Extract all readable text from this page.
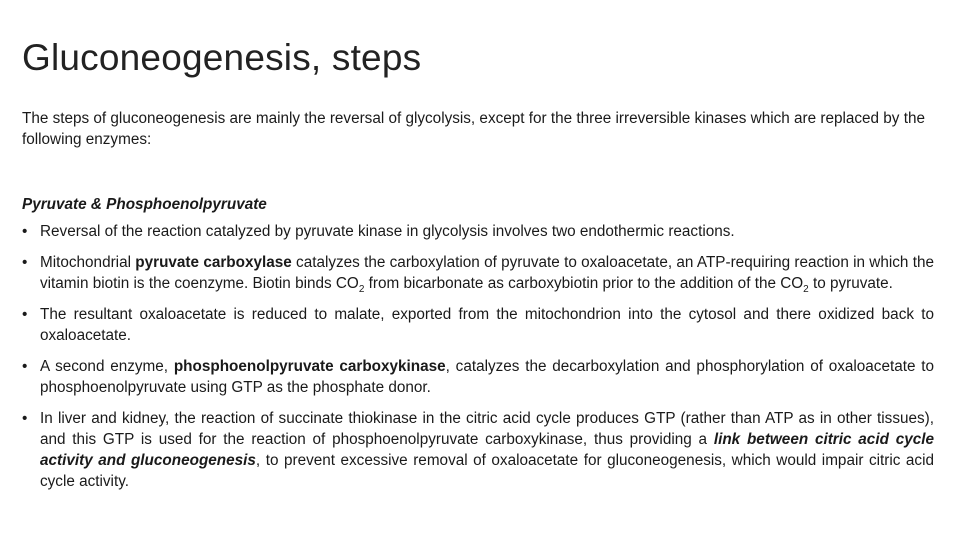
Gluconeogenesis, steps

The steps of gluconeogenesis are mainly the reversal of glycolysis, except for the three irreversible kinases which are replaced by the following enzymes:

Pyruvate & Phosphoenolpyruvate

• Reversal of the reaction catalyzed by pyruvate kinase in glycolysis involves two endothermic reactions.
• Mitochondrial pyruvate carboxylase catalyzes the carboxylation of pyruvate to oxaloacetate, an ATP-requiring reaction in which the vitamin biotin is the coenzyme. Biotin binds $CO_2$ from bicarbonate as carboxybiotin prior to the addition of the $CO_2$ to pyruvate.
• The resultant oxaloacetate is reduced to malate, exported from the mitochondrion into the cytosol and there oxidized back to oxaloacetate.
• A second enzyme, phosphoenolpyruvate carboxykinase, catalyzes the decarboxylation and phosphorylation of oxaloacetate to phosphoenolpyruvate using GTP as the phosphate donor.
• In liver and kidney, the reaction of succinate thiokinase in the citric acid cycle produces GTP (rather than ATP as in other tissues), and this GTP is used for the reaction of phosphoenolpyruvate carboxykinase, thus providing a link between citric acid cycle activity and gluconeogenesis, to prevent excessive removal of oxaloacetate for gluconeogenesis, which would impair citric acid cycle activity.
